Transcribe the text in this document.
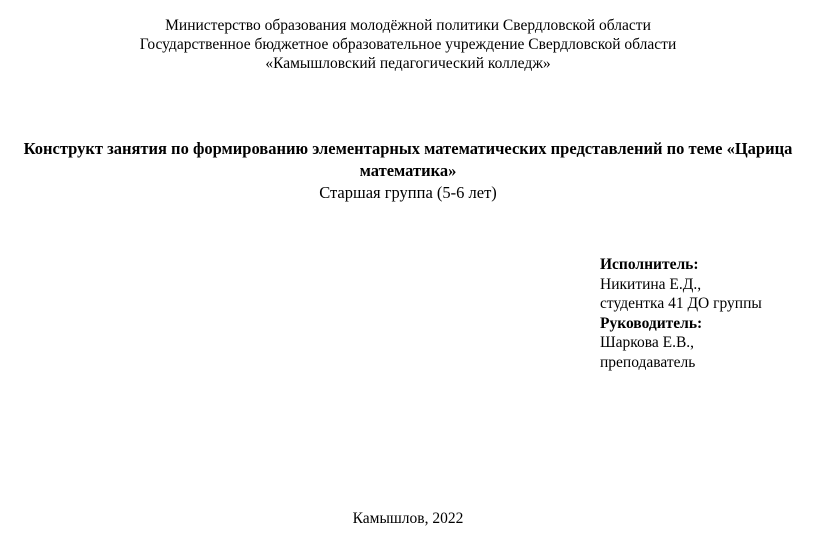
Министерство образования молодёжной политики Свердловской области
Государственное бюджетное образовательное учреждение Свердловской области
«Камышловский педагогический колледж»
Конструкт занятия по формированию элементарных математических представлений по теме «Царица математика»
Старшая группа (5-6 лет)
Исполнитель:
Никитина Е.Д.,
студентка 41 ДО группы
Руководитель:
Шаркова Е.В.,
преподаватель
Камышлов, 2022
